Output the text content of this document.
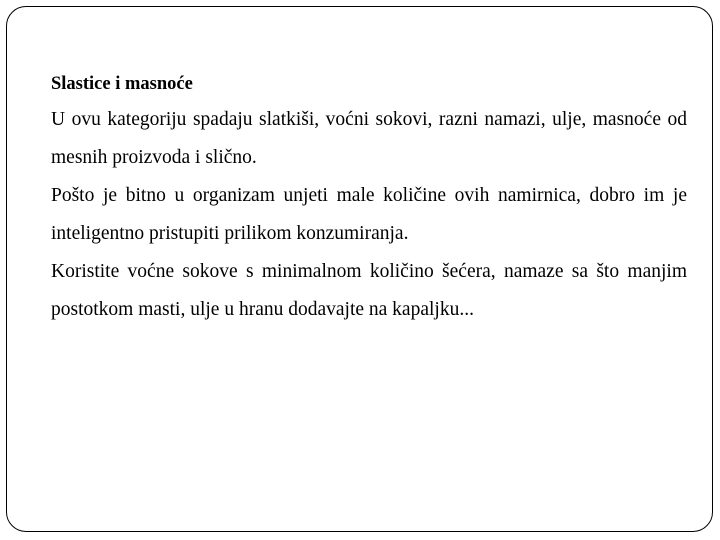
Slastice i masnoće

U ovu kategoriju spadaju slatkiši, voćni sokovi, razni namazi, ulje, masnoće od mesnih proizvoda i slično.

Pošto je bitno u organizam unjeti male količine ovih namirnica, dobro im je inteligentno pristupiti prilikom konzumiranja.

Koristite voćne sokove s minimalnom količino šećera, namaze sa što manjim postotkom masti, ulje u hranu dodavajte na kapaljku...
